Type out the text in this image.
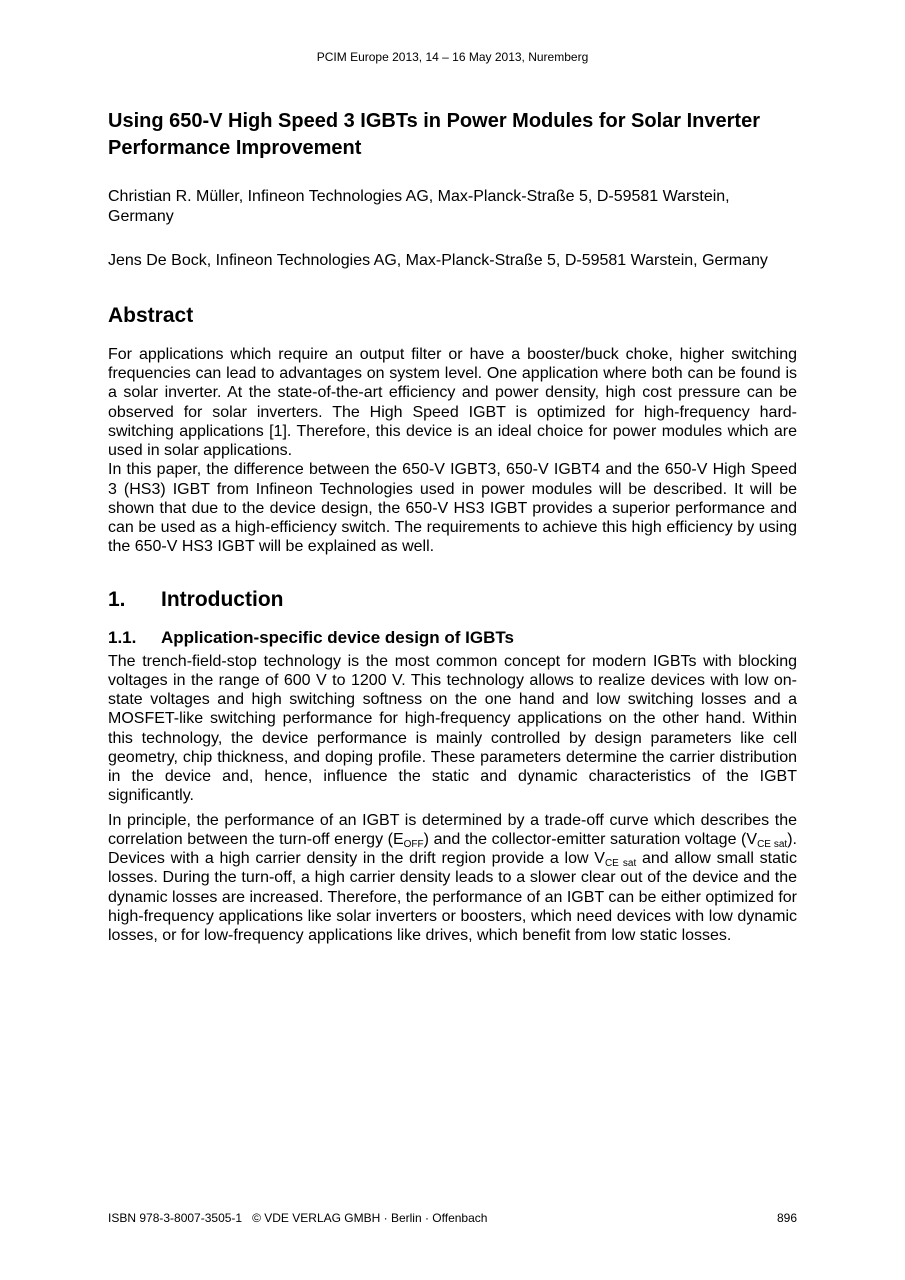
PCIM Europe 2013, 14 – 16 May 2013, Nuremberg
Using 650-V High Speed 3 IGBTs in Power Modules for Solar Inverter Performance Improvement

Christian R. Müller, Infineon Technologies AG, Max-Planck-Straße 5, D-59581 Warstein, Germany

Jens De Bock, Infineon Technologies AG, Max-Planck-Straße 5, D-59581 Warstein, Germany

Abstract

For applications which require an output filter or have a booster/buck choke, higher switching frequencies can lead to advantages on system level. One application where both can be found is a solar inverter. At the state-of-the-art efficiency and power density, high cost pressure can be observed for solar inverters. The High Speed IGBT is optimized for high-frequency hard-switching applications [1]. Therefore, this device is an ideal choice for power modules which are used in solar applications.

In this paper, the difference between the 650-V IGBT3, 650-V IGBT4 and the 650-V High Speed 3 (HS3) IGBT from Infineon Technologies used in power modules will be described. It will be shown that due to the device design, the 650-V HS3 IGBT provides a superior performance and can be used as a high-efficiency switch. The requirements to achieve this high efficiency by using the 650-V HS3 IGBT will be explained as well.

1.	Introduction
1.1.	Application-specific device design of IGBTs

The trench-field-stop technology is the most common concept for modern IGBTs with blocking voltages in the range of 600 V to 1200 V. This technology allows to realize devices with low on-state voltages and high switching softness on the one hand and low switching losses and a MOSFET-like switching performance for high-frequency applications on the other hand. Within this technology, the device performance is mainly controlled by design parameters like cell geometry, chip thickness, and doping profile. These parameters determine the carrier distribution in the device and, hence, influence the static and dynamic characteristics of the IGBT significantly.

In principle, the performance of an IGBT is determined by a trade-off curve which describes the correlation between the turn-off energy $(E_{OFF})$ and the collector-emitter saturation voltage $(V_{CE sat})$. Devices with a high carrier density in the drift region provide a low $V_{CE sat}$ and allow small static losses. During the turn-off, a high carrier density leads to a slower clear out of the device and the dynamic losses are increased. Therefore, the performance of an IGBT can be either optimized for high-frequency applications like solar inverters or boosters, which need devices with low dynamic losses, or for low-frequency applications like drives, which benefit from low static losses.

ISBN 978-3-8007-3505-1   © VDE VERLAG GMBH · Berlin · Offenbach	896
